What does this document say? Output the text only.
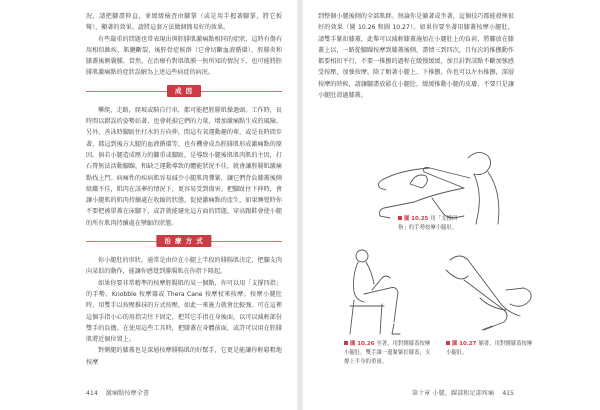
況，請把腳盡伸直，並緩緩檢查由腳掌（或是用手握著腳掌，將它扳彎），顯著的效果。請將這套方法做個簡易好的效果。

有些嚴重的問題也常表現出與脛腓肌激痛點相同的症狀，這時有傷有用相似蝕疾，肌腱斷裂、後脛骨症候群（它會切斷血液循環），脛腓炎和膝蓋後側囊腫。當然，在治療有對肌肌膜一無所知的情況下，也可能將脛腓肌激痛點的症狀誤解為上述這些病症的病況。

成 因

攀爬、走路，爬坡或騎自行車，都可能把脛腓肌操過頭。工作時，長時間以錯誤的姿勢站著，也會耗損它們的力量，增加激痛點生成的風險。另外，善泳時腳趾往打水的方向伸，間這有氧運動趣的牽，或是長時間步著，都這到後方大腿的血液循環等，也有機會成為脛腓肌形成激痛點的原因。倘若小腿造成壓力的腳重或腳趾，是導致小腿後肌肌肉肌的主因，打石膏無法活動腳踝，和缺乏運動導致的體能狀況不佳，就會讓脛腓肌激痛點找上門。病痛性的疾病肌容易減少小腿肌肉彈緊，讓它們背負膝蓋後側組織不佳，肌肉在該夢的情況下，更容易受到傷害。把腳趾往下伸時，會讓小腿肌的肌肉持續處在收縮的狀態，促使激痛點的產生，如果睡覺時你不要把被單蓋在床腳下，或許就能避免這方面的問題，穿高跟鞋會使小腿的所有肌肉持續處在攣縮的狀態。

治 療 方 式

你小腿肚的形狀，通常是由位在小腿上半段的腓腸肌決定，把腳支肉向某俱的動作，能讓你感覺到腓腸肌在你指下隆起。

如果你要非常精準的按摩脛腸肌的某一個點，你可以用「支撐四指」的手勢、Knobble 按摩器或 Thera Cane 按摩杖來按摩。按摩小腿肚時，用雙手以按壓推抹的方式按壓，如此一來施力就會比較強。可在這裡這個手指小心的用指尖往下固定，把其它手指在身後面，以可以減輕部份雙手的負擔。在使用這些工具時，把膝蓋在身體前面，或許可以用在脛腓肌將近個位置上。

對側腿的膝蓋也是深層按摩腓腸肌的好幫手，它更是能讓你輕鬆粗地按摩

414 激痛點按摩全書

到整個小腿後側的全部肌群。無論你是躺著或坐著，這個技巧都能發揮很好的效果（圖 10.26 和圖 10.27）。如果你要坐著用膝蓋按摩小腿肚，請雙手緊扣膝蓋，此舉可以減輕膝蓋施加在小腿肚上的負荷，將腳放在膝蓋上以，一路從腳踝按摩到膝蓋後側，盡情三到四次，且每次的推撫動作都要相扣平行，不要一推撫的過程在緩慢緩緩，加且針對該點不斷加強感受按壓，加強按摩，除了順著小腿上、下推撫，你也可以左右推撫，深層按摩的時候，請讓腳盡放鬆在小腿肚，緩緩推動小腿的皮膚，不要只是讓小腿肚滑過膝蓋。

圖 10.25 用「支撐四指」的手勢按摩小腿肚。
圖 10.26 坐著，用對側膝蓋按摩小腿肚。雙手讓一邊緊緊扣膝蓋，支撐上半身的重量。
圖 10.27 躺著，用對側膝蓋按摩小腿肚。
第十章 小腿、踝部和足部疼痛 415
